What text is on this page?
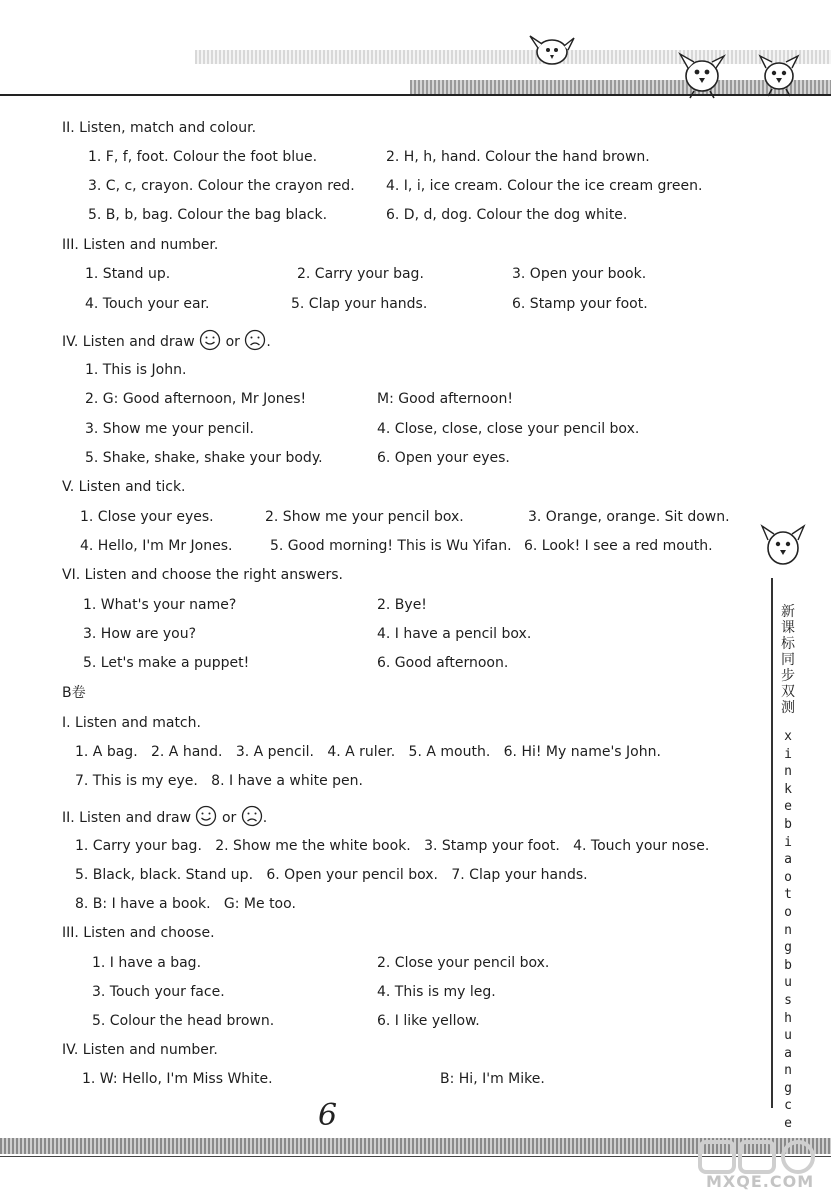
新课标同步双测
xinkebiaotongbushuangce
II. Listen, match and colour.
1. F, f, foot. Colour the foot blue.	2. H, h, hand. Colour the hand brown.
3. C, c, crayon. Colour the crayon red. 4. I, i, ice cream. Colour the ice cream green.
5. B, b, bag. Colour the bag black.	6. D, d, dog. Colour the dog white.
III. Listen and number.
1. Stand up.	2. Carry your bag.	3. Open your book.
4. Touch your ear.	5. Clap your hands.	6. Stamp your foot.
IV. Listen and draw or .
1. This is John.
2. G: Good afternoon, Mr Jones!	M: Good afternoon!
3. Show me your pencil.	4. Close, close, close your pencil box.
5. Shake, shake, shake your body.	6. Open your eyes.
V. Listen and tick.
1. Close your eyes.	2. Show me your pencil box.	3. Orange, orange. Sit down.
4. Hello, I'm Mr Jones.	5. Good morning! This is Wu Yifan. 6. Look! I see a red mouth.
VI. Listen and choose the right answers.
1. What's your name?	2. Bye!
3. How are you?	4. I have a pencil box.
5. Let's make a puppet!	6. Good afternoon.
B卷
I. Listen and match.
1. A bag.   2. A hand.   3. A pencil.   4. A ruler.   5. A mouth.   6. Hi! My name's John.
7. This is my eye.   8. I have a white pen.
II. Listen and draw or .
1. Carry your bag.   2. Show me the white book.   3. Stamp your foot.   4. Touch your nose.
5. Black, black. Stand up.   6. Open your pencil box.   7. Clap your hands.
8. B: I have a book.   G: Me too.
III. Listen and choose.
1. I have a bag.	2. Close your pencil box.
3. Touch your face.	4. This is my leg.
5. Colour the head brown.	6. I like yellow.
IV. Listen and number.
1. W: Hello, I'm Miss White.	B: Hi, I'm Mike.
6
MXQE.COM
